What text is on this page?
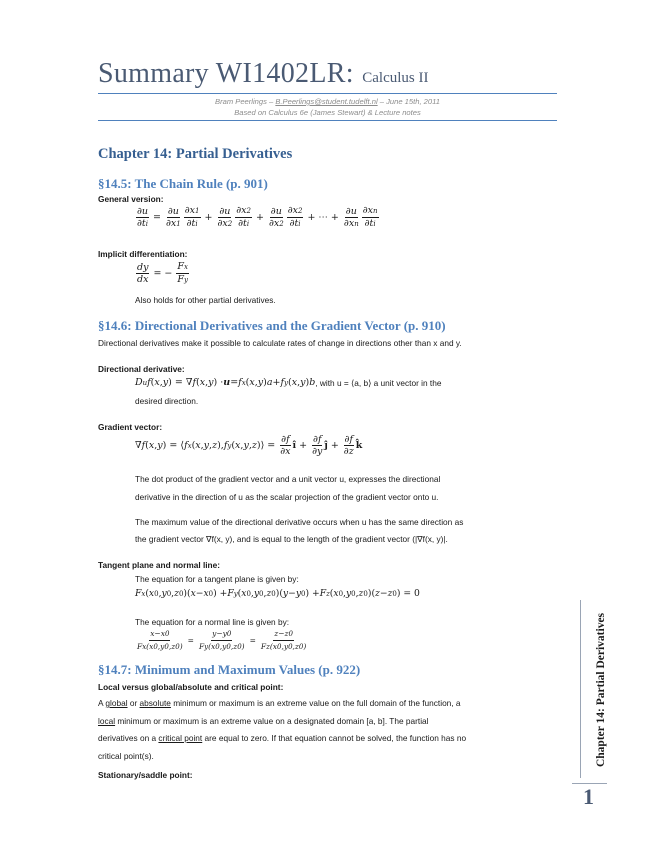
Summary WI1402LR: Calculus II
Bram Peerlings – B.Peerlings@student.tudelft.nl – June 15th, 2011
Based on Calculus 6e (James Stewart) & Lecture notes
Chapter 14: Partial Derivatives
§14.5: The Chain Rule (p. 901)
General version:
$\frac{\partial u}{\partial ti} = \frac{\partial u}{\partial x1} \partial x1$
∂ti
+ $\frac{\partial u}{\partial x2} \partial x2$
∂ti
+ $\frac{\partial u}{\partial x2} \partial x2$
∂ti
+ ⋯ + $\frac{\partial u}{\partial xn} \partial xn$
∂ti
Implicit differentiation:
$\frac{dy}{dx}$ = − $\frac{Fx}{Fy}$
Also holds for other partial derivatives.
§14.6: Directional Derivatives and the Gradient Vector (p. 910)
Directional derivatives make it possible to calculate rates of change in directions other than x and y.
Directional derivative:
Duf ( x , y ) = ∇ f ( x , y ) · u = fx ( x , y ) a + fy ( x , y ) b , with u = ⟨a, b⟩ a unit vector in the
desired direction.
Gradient vector:
∇ f ( x , y ) = ⟨ fx ( x , y , z ), fy ( x , y , z )⟩ = $\frac{\partial f}{\partial x}$ î + $\frac{\partial f}{\partial y}$ ĵ + $\frac{\partial f}{\partial z}$ k̂
The dot product of the gradient vector and a unit vector u, expresses the directional
derivative in the direction of u as the scalar projection of the gradient vector onto u.
The maximum value of the directional derivative occurs when u has the same direction as
the gradient vector ∇f(x, y), and is equal to the length of the gradient vector (|∇f(x, y)|.
Tangent plane and normal line:
The equation for a tangent plane is given by:
Fx ( x 0 , y 0 , z 0 )( x − x 0 ) + Fy ( x 0 , y 0 , z 0 )( y − y 0 ) + Fz ( x 0 , y 0 , z 0 )( z − z 0 ) = 0
The equation for a normal line is given by:
$\frac{x-x0}{Fx(x0,y0,z0)} = \frac{y-y0}{Fy(x0,y0,z0)} = \frac{z-z0}{Fz(x0,y0,z0)}$
§14.7: Minimum and Maximum Values (p. 922)
Local versus global/absolute and critical point:
A global or absolute minimum or maximum is an extreme value on the full domain of the function, a
local minimum or maximum is an extreme value on a designated domain [a, b]. The partial
derivatives on a critical point are equal to zero. If that equation cannot be solved, the function has no
critical point(s).
Stationary/saddle point:
Chapter 14: Partial Derivatives
1
